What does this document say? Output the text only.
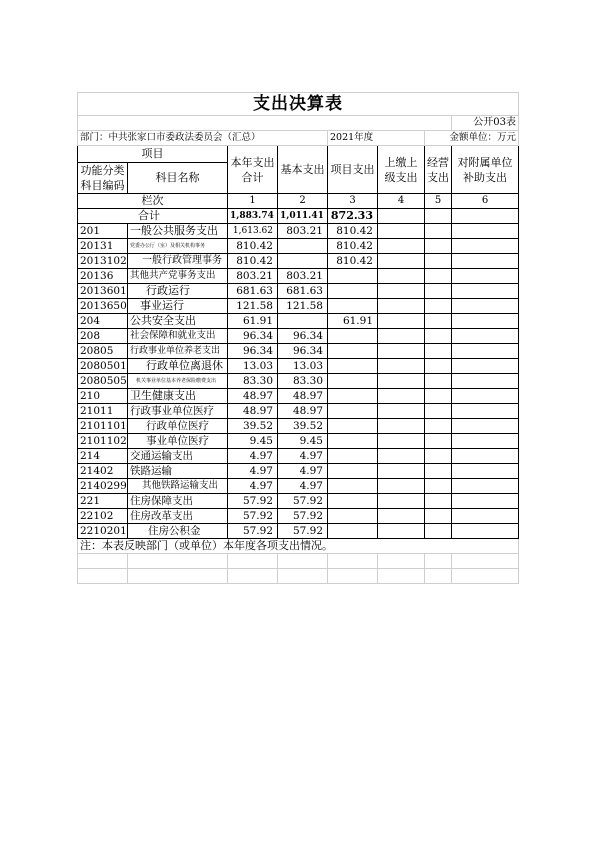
支出决算表							
							公开03表
部门：中共张家口市委政法委员会（汇总）				2021年度		金额单位：万元	
项目		本年支出合计	基本支出	项目支出	上缴上级支出	经营支出	对附属单位补助支出
功能分类科目编码	科目名称						

栏次		1	2	3	4	5	6
合计		1,883.74	1,011.41	872.33			
201	一般公共服务支出	1,613.62	803.21	810.42			
20131	党委办公厅（室）及相关机构事务	810.42		810.42			
2013102	一般行政管理事务	810.42		810.42			
20136	其他共产党事务支出	803.21	803.21				
2013601	行政运行	681.63	681.63				
2013650	事业运行	121.58	121.58				
204	公共安全支出	61.91		61.91			
208	社会保障和就业支出	96.34	96.34				
20805	行政事业单位养老支出	96.34	96.34				
2080501	行政单位离退休	13.03	13.03				
2080505	机关事业单位基本养老保险缴费支出	83.30	83.30				
210	卫生健康支出	48.97	48.97				
21011	行政事业单位医疗	48.97	48.97				
2101101	行政单位医疗	39.52	39.52				
2101102	事业单位医疗	9.45	9.45				
214	交通运输支出	4.97	4.97				
21402	铁路运输	4.97	4.97				
2140299	其他铁路运输支出	4.97	4.97				
221	住房保障支出	57.92	57.92				
22102	住房改革支出	57.92	57.92				
2210201	住房公积金	57.92	57.92				
注：本表反映部门（或单位）本年度各项支出情况。							
